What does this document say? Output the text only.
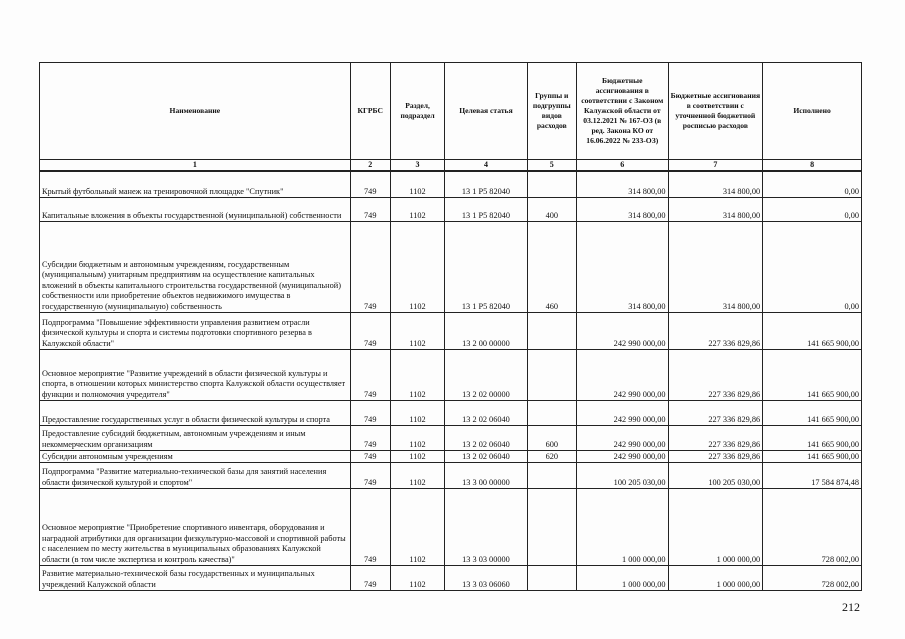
Наименование	КГРБС	Раздел, подраздел	Целевая статья	Группы и подгруппы видов расходов	Бюджетные ассигнования в соответствии с Законом Калужской области от 03.12.2021 № 167-ОЗ (в ред. Закона КО от 16.06.2022 № 233-ОЗ)	Бюджетные ассигнования в соответствии с уточненной бюджетной росписью расходов	Исполнено
1	2	3	4	5	6	7	8
Крытый футбольный манеж на тренировочной площадке "Спутник"	749	1102	13 1 P5 82040		314 800,00	314 800,00	0,00
Капитальные вложения в объекты государственной (муниципальной) собственности	749	1102	13 1 P5 82040	400	314 800,00	314 800,00	0,00
Субсидии бюджетным и автономным учреждениям, государственным (муниципальным) унитарным предприятиям на осуществление капитальных вложений в объекты капитального строительства государственной (муниципальной) собственности или приобретение объектов недвижимого имущества в государственную (муниципальную) собственность	749	1102	13 1 P5 82040	460	314 800,00	314 800,00	0,00
Подпрограмма "Повышение эффективности управления развитием отрасли физической культуры и спорта и системы подготовки спортивного резерва в Калужской области"	749	1102	13 2 00 00000		242 990 000,00	227 336 829,86	141 665 900,00
Основное мероприятие "Развитие учреждений в области физической культуры и спорта, в отношении которых министерство спорта Калужской области осуществляет функции и полномочия учредителя"	749	1102	13 2 02 00000		242 990 000,00	227 336 829,86	141 665 900,00
Предоставление государственных услуг в области физической культуры и спорта	749	1102	13 2 02 06040		242 990 000,00	227 336 829,86	141 665 900,00
Предоставление субсидий бюджетным, автономным учреждениям и иным некоммерческим организациям	749	1102	13 2 02 06040	600	242 990 000,00	227 336 829,86	141 665 900,00
Субсидии автономным учреждениям	749	1102	13 2 02 06040	620	242 990 000,00	227 336 829,86	141 665 900,00
Подпрограмма "Развитие материально-технической базы для занятий населения области физической культурой и спортом"	749	1102	13 3 00 00000		100 205 030,00	100 205 030,00	17 584 874,48
Основное мероприятие "Приобретение спортивного инвентаря, оборудования и наградной атрибутики для организации физкультурно-массовой и спортивной работы с населением по месту жительства в муниципальных образованиях Калужской области (в том числе экспертиза и контроль качества)"	749	1102	13 3 03 00000		1 000 000,00	1 000 000,00	728 002,00
Развитие материально-технической базы государственных и муниципальных учреждений Калужской области	749	1102	13 3 03 06060		1 000 000,00	1 000 000,00	728 002,00
212
